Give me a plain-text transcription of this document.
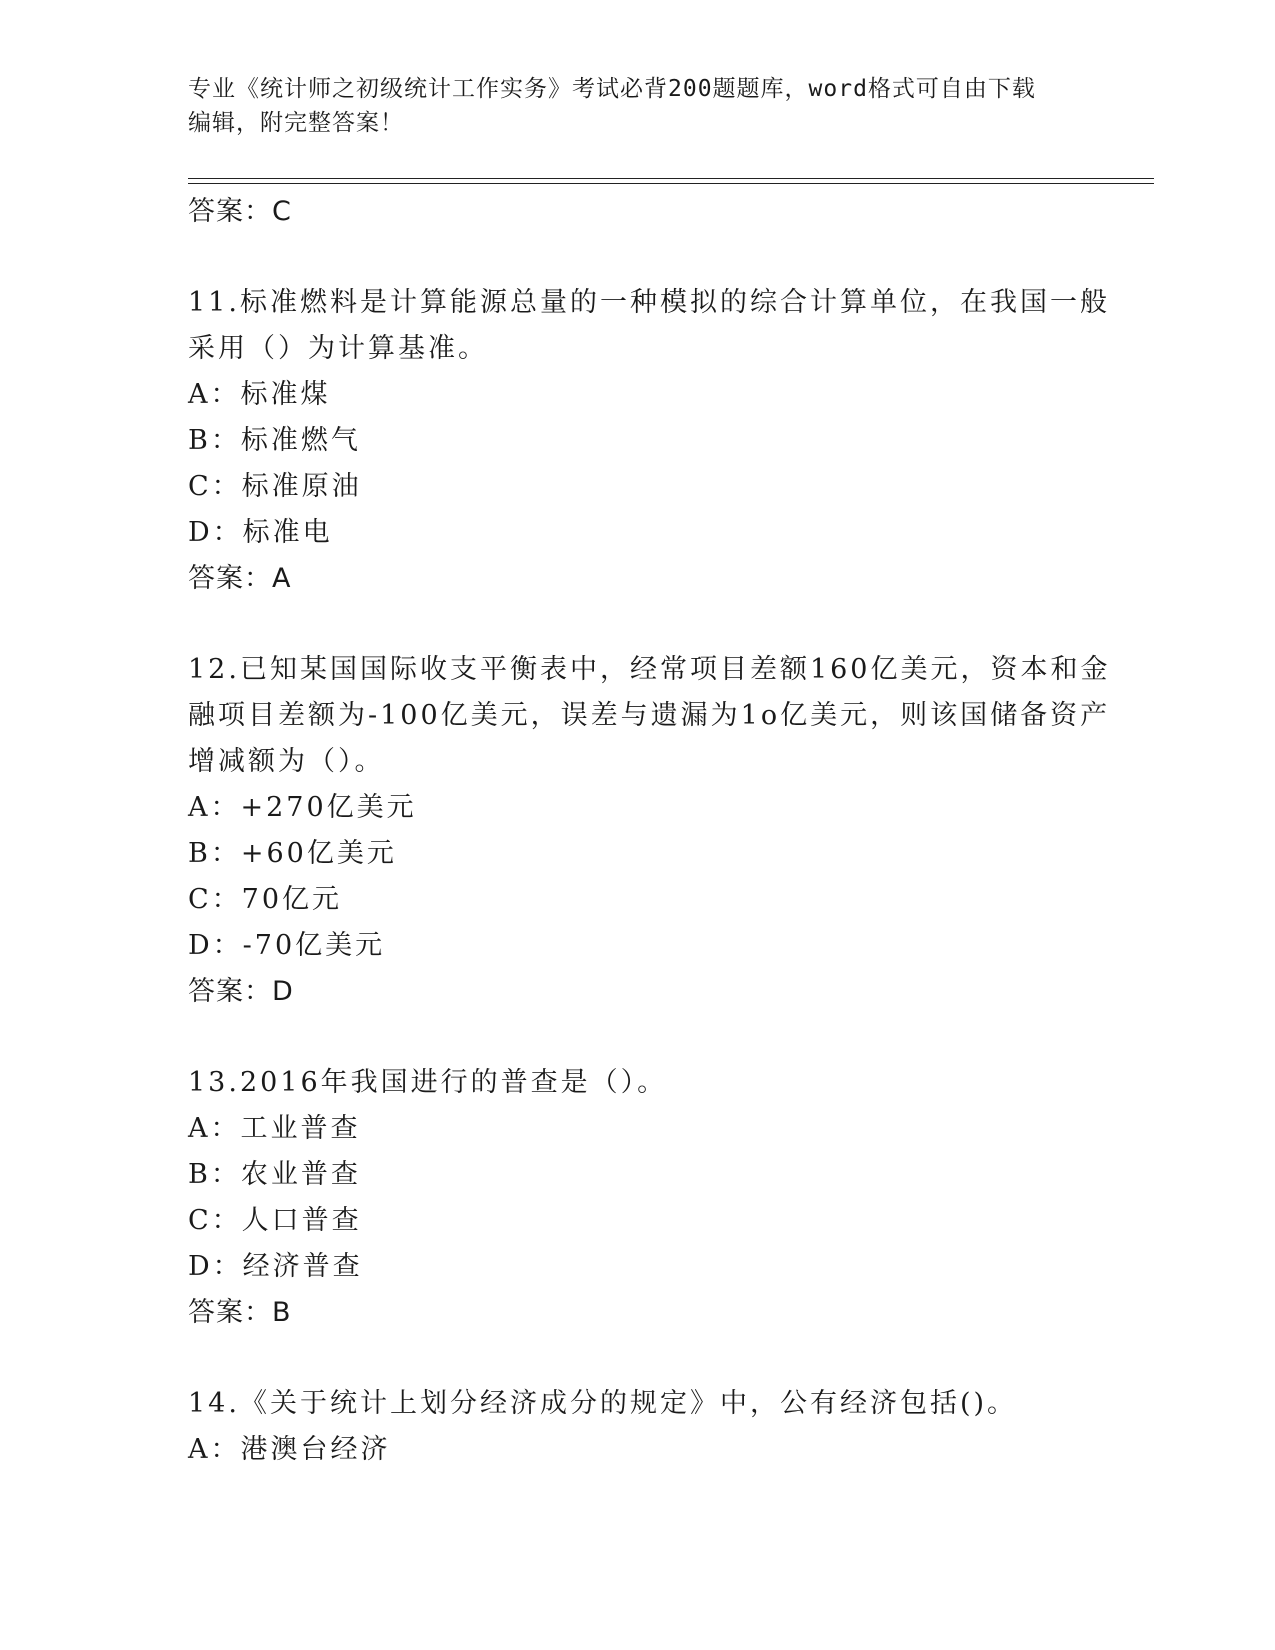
专业《统计师之初级统计工作实务》考试必背200题题库，word格式可自由下载
编辑，附完整答案！
答案：C
11.标准燃料是计算能源总量的一种模拟的综合计算单位，在我国一般
采用（）为计算基准。
A：标准煤
B：标准燃气
C：标准原油
D：标准电
答案：A
12.已知某国国际收支平衡表中，经常项目差额160亿美元，资本和金
融项目差额为-100亿美元，误差与遗漏为1o亿美元，则该国储备资产
增减额为（）。
A：+270亿美元
B：+60亿美元
C：70亿元
D：-70亿美元
答案：D
13.2016年我国进行的普查是（）。
A：工业普查
B：农业普查
C：人口普查
D：经济普查
答案：B
14.《关于统计上划分经济成分的规定》中，公有经济包括()。
A：港澳台经济
